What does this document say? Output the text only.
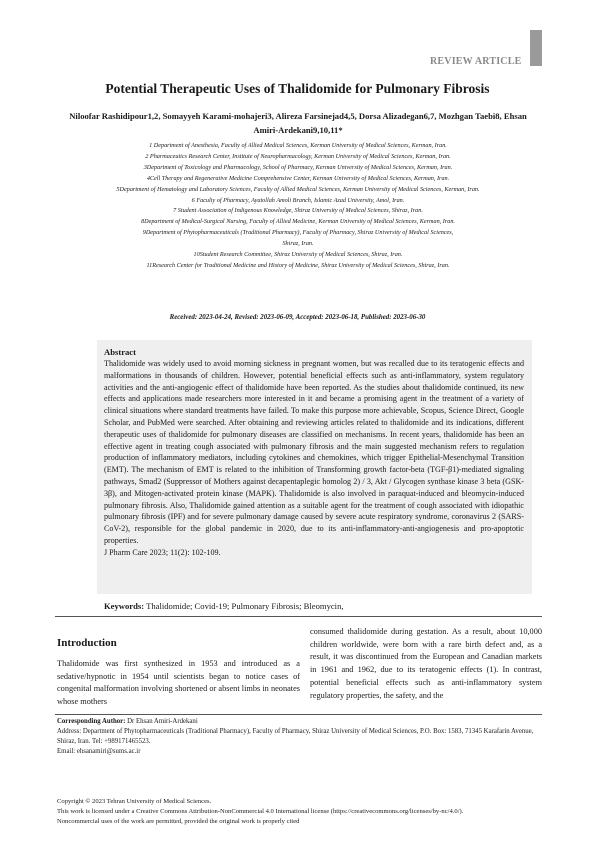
REVIEW ARTICLE
Potential Therapeutic Uses of Thalidomide for Pulmonary Fibrosis
Niloofar Rashidipour1,2, Somayyeh Karami-mohajeri3, Alireza Farsinejad4,5, Dorsa Alizadegan6,7, Mozhgan Taebi8, Ehsan
Amiri-Ardekani9,10,11*
1 Department of Anesthesia, Faculty of Allied Medical Sciences, Kerman University of Medical Sciences, Kerman, Iran.
2 Pharmaceutics Research Center, Institute of Neuropharmacology, Kerman University of Medical Sciences, Kerman, Iran.
3Department of Toxicology and Pharmacology, School of Pharmacy, Kerman University of Medical Sciences, Kerman, Iran.
4Cell Therapy and Regenerative Medicine Comprehensive Center, Kerman University of Medical Sciences, Kerman, Iran.
5Department of Hematology and Laboratory Sciences, Faculty of Allied Medical Sciences, Kerman University of Medical Sciences, Kerman, Iran.
6 Faculty of Pharmacy, Ayatollah Amoli Branch, Islamic Azad University, Amol, Iran.
7 Student Association of Indigenous Knowledge, Shiraz University of Medical Sciences, Shiraz, Iran.
8Department of Medical-Surgical Nursing, Faculty of Allied Medicine, Kerman University of Medical Sciences, Kerman, Iran.
9Department of Phytopharmaceuticals (Traditional Pharmacy), Faculty of Pharmacy, Shiraz University of Medical Sciences,
Shiraz, Iran.
10Student Research Committee, Shiraz University of Medical Sciences, Shiraz, Iran.
11Research Center for Traditional Medicine and History of Medicine, Shiraz University of Medical Sciences, Shiraz, Iran.
Received: 2023-04-24, Revised: 2023-06-09, Accepted: 2023-06-18, Published: 2023-06-30
Abstract
Thalidomide was widely used to avoid morning sickness in pregnant women, but was recalled due to its teratogenic effects and malformations in thousands of children. However, potential beneficial effects such as anti-inflammatory, system regulatory activities and the anti-angiogenic effect of thalidomide have been reported. As the studies about thalidomide continued, its new effects and applications made researchers more interested in it and became a promising agent in the treatment of a variety of clinical situations where standard treatments have failed. To make this purpose more achievable, Scopus, Science Direct, Google Scholar, and PubMed were searched. After obtaining and reviewing articles related to thalidomide and its indications, different therapeutic uses of thalidomide for pulmonary diseases are classified on mechanisms. In recent years, thalidomide has been an effective agent in treating cough associated with pulmonary fibrosis and the main suggested mechanism refers to regulation production of inflammatory mediators, including cytokines and chemokines, which trigger Epithelial-Mesenchymal Transition (EMT). The mechanism of EMT is related to the inhibition of Transforming growth factor-beta (TGF-β1)-mediated signaling pathways, Smad2 (Suppressor of Mothers against decapentaplegic homolog 2) / 3, Akt / Glycogen synthase kinase 3 beta (GSK-3β), and Mitogen-activated protein kinase (MAPK). Thalidomide is also involved in paraquat-induced and bleomycin-induced pulmonary fibrosis. Also, Thalidomide gained attention as a suitable agent for the treatment of cough associated with idiopathic pulmonary fibrosis (IPF) and for severe pulmonary damage caused by severe acute respiratory syndrome, coronavirus 2 (SARS-CoV-2), responsible for the global pandemic in 2020, due to its anti-inflammatory-anti-angiogenesis and pro-apoptotic properties.
J Pharm Care 2023; 11(2): 102-109.
Keywords: Thalidomide; Covid-19; Pulmonary Fibrosis; Bleomycin,
Introduction
Thalidomide was first synthesized in 1953 and introduced as a sedative/hypnotic in 1954 until scientists began to notice cases of congenital malformation involving shortened or absent limbs in neonates whose mothers
consumed thalidomide during gestation. As a result, about 10,000 children worldwide, were born with a rare birth defect and, as a result, it was discontinued from the European and Canadian markets in 1961 and 1962, due to its teratogenic effects (1). In contrast, potential beneficial effects such as anti-inflammatory system regulatory properties, the safety, and the
Corresponding Author: Dr Ehsan Amiri-Ardekani
Address: Department of Phytopharmaceuticals (Traditional Pharmacy), Faculty of Pharmacy, Shiraz University of Medical Sciences, P.O. Box: 1583, 71345 Karafarin Avenue, Shiraz, Iran. Tel: +989171465523.
Email: ehsanamiri@sums.ac.ir
Copyright © 2023 Tehran University of Medical Sciences.
This work is licensed under a Creative Commons Attribution-NonCommercial 4.0 International license (https://creativecommons.org/licenses/by-nc/4.0/).
Noncommercial uses of the work are permitted, provided the original work is properly cited
